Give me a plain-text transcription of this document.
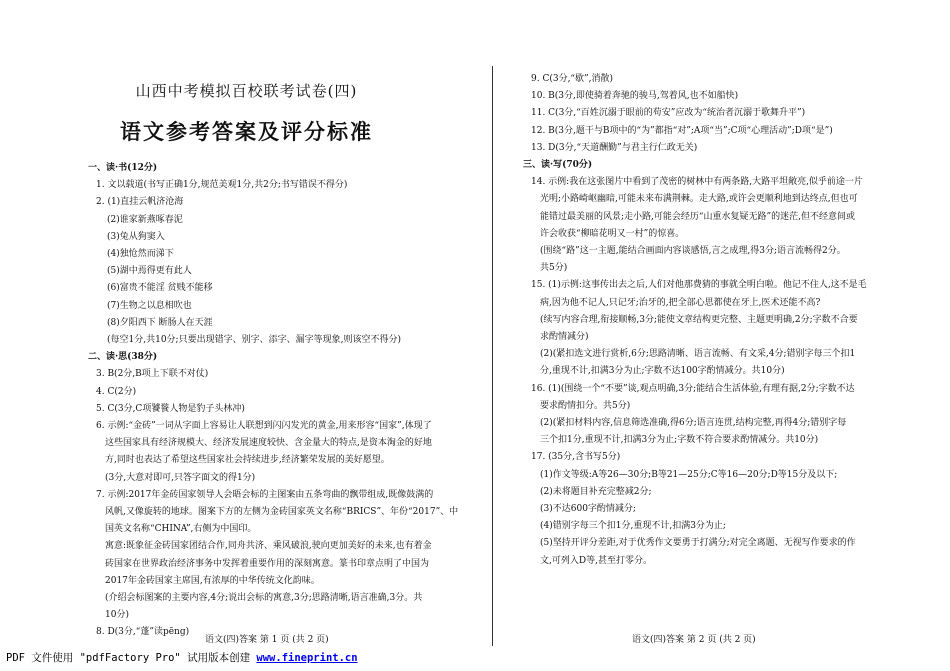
山西中考模拟百校联考试卷(四)
语文参考答案及评分标准
一、读·书(12分)
1. 文以载道(书写正确1分,规范美观1分,共2分;书写错误不得分)
2. (1)直挂云帆济沧海
(2)谁家新燕啄春泥
(3)兔从狗窦入
(4)独怆然而涕下
(5)湖中焉得更有此人
(6)富贵不能淫 贫贱不能移
(7)生物之以息相吹也
(8)夕阳西下 断肠人在天涯
(每空1分,共10分;只要出现错字、别字、添字、漏字等现象,则该空不得分)
二、读·思(38分)
3. B(2分,B项上下联不对仗)
4. C(2分)
5. C(3分,C项饕餮人物是豹子头林冲)
6. 示例:“金砖”一词从字面上容易让人联想到闪闪发光的黄金,用来形容“国家”,体现了
这些国家具有经济规模大、经济发展速度较快、含金量大的特点,是资本淘金的好地
方,同时也表达了希望这些国家社会持续进步,经济繁荣发展的美好愿望。
(3分,大意对即可,只答字面文的得1分)
7. 示例:2017年金砖国家领导人会晤会标的主图案由五条弯曲的飘带组成,既像鼓满的
风帆,又像旋转的地球。图案下方的左侧为金砖国家英文名称“BRICS”、年份“2017”、中
国英文名称“CHINA”,右侧为中国印。
寓意:既象征金砖国家团结合作,同舟共济、乘风破浪,驶向更加美好的未来,也有着金
砖国家在世界政治经济事务中发挥着重要作用的深刻寓意。篆书印章点明了中国为
2017年金砖国家主席国,有浓厚的中华传统文化韵味。
(介绍会标图案的主要内容,4分;说出会标的寓意,3分;思路清晰,语言准确,3分。共
10分)
8. D(3分,“蓬”读pēng)
语文(四)答案 第 1 页 (共 2 页)
9. C(3分,“歇”,消散)
10. B(3分,即使骑着奔驰的骏马,驾着风,也不如船快)
11. C(3分,“百姓沉溺于眼前的苟安”应改为“统治者沉溺于歌舞升平”)
12. B(3分,题干与B项中的“为”都指“对”;A项“当”;C项“心理活动”;D项“是”)
13. D(3分,“天道酬勤”与君主行仁政无关)
三、读·写(70分)
14. 示例:我在这张图片中看到了茂密的树林中有两条路,大路平坦敞亮,似乎前途一片
光明;小路崎岖幽暗,可能未来布满荆棘。走大路,或许会更顺利地到达终点,但也可
能错过最美丽的风景;走小路,可能会经历“山重水复疑无路”的迷茫,但不经意间或
许会收获“柳暗花明又一村”的惊喜。
(围绕“路”这一主题,能结合画面内容谈感悟,言之成理,得3分;语言流畅得2分。
共5分)
15. (1)示例:这事传出去之后,人们对他那费猜的事就全明白啦。他记不住人,这不是毛
病,因为他不记人,只记牙;治牙的,把全部心思都使在牙上,医术还能不高?
(续写内容合理,衔接顺畅,3分;能使文章结构更完整、主题更明确,2分;字数不合要
求酌情减分)
(2)(紧扣选文进行赏析,6分;思路清晰、语言流畅、有文采,4分;错别字每三个扣1
分,重现不计,扣满3分为止;字数不达100字酌情减分。共10分)
16. (1)(围绕一个“不要”谈,观点明确,3分;能结合生活体验,有理有据,2分;字数不达
要求酌情扣分。共5分)
(2)(紧扣材料内容,信息筛选准确,得6分;语言连贯,结构完整,再得4分;错别字每
三个扣1分,重现不计,扣满3分为止;字数不符合要求酌情减分。共10分)
17. (35分,含书写5分)
(1)作文等级:A等26—30分;B等21—25分;C等16—20分;D等15分及以下;
(2)未将题目补充完整减2分;
(3)不达600字酌情减分;
(4)错别字每三个扣1分,重现不计,扣满3分为止;
(5)坚持开评分差距,对于优秀作文要勇于打满分;对完全离题、无视写作要求的作
文,可列入D等,甚至打零分。
语文(四)答案 第 2 页 (共 2 页)
PDF 文件使用 "pdfFactory Pro" 试用版本创建 www.fineprint.cn
